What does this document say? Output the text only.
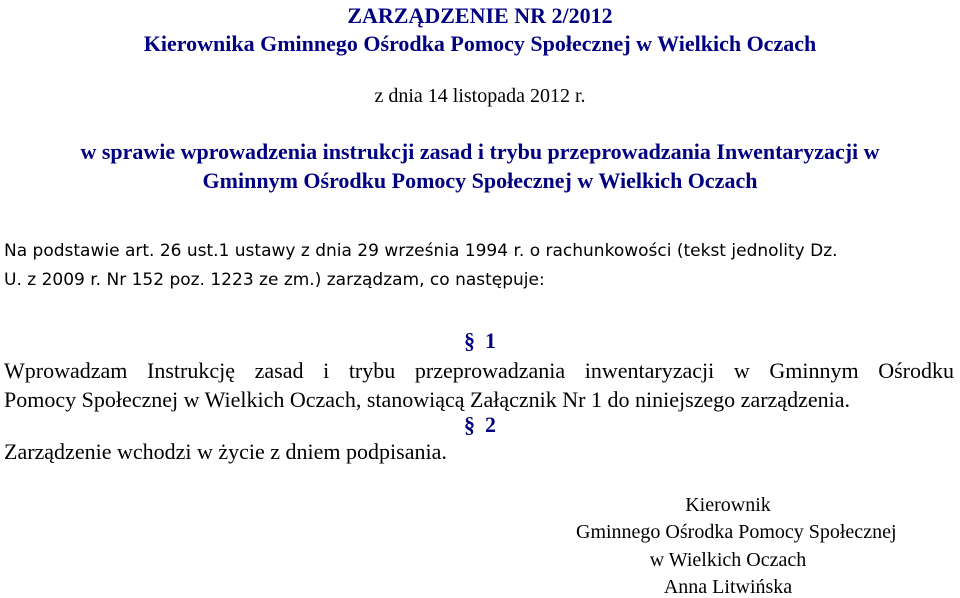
ZARZĄDZENIE NR 2/2012
Kierownika Gminnego Ośrodka Pomocy Społecznej w Wielkich Oczach
z dnia 14 listopada 2012 r.
w sprawie wprowadzenia instrukcji zasad i trybu przeprowadzania Inwentaryzacji w
Gminnym Ośrodku Pomocy Społecznej w Wielkich Oczach
Na podstawie art. 26 ust.1 ustawy z dnia 29 września 1994 r. o rachunkowości (tekst jednolity Dz.
U. z 2009 r. Nr 152 poz. 1223 ze zm.) zarządzam, co następuje:
§ 1
Wprowadzam Instrukcję zasad i trybu przeprowadzania inwentaryzacji w Gminnym Ośrodku
Pomocy Społecznej w Wielkich Oczach, stanowiącą Załącznik Nr 1 do niniejszego zarządzenia.
§ 2
Zarządzenie wchodzi w życie z dniem podpisania.
Kierownik
Gminnego Ośrodka Pomocy Społecznej
w Wielkich Oczach
Anna Litwińska
